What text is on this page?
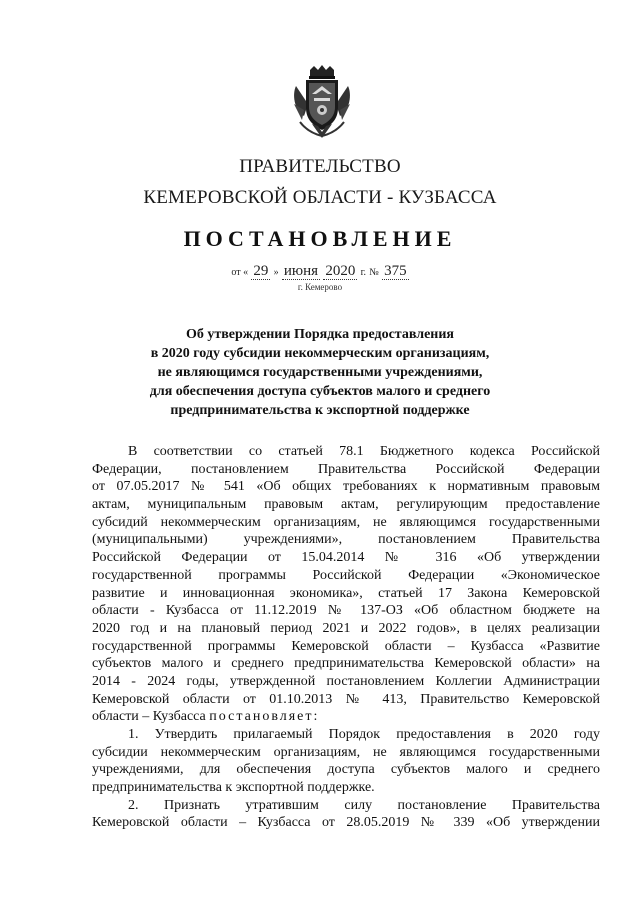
ПРАВИТЕЛЬСТВО
КЕМЕРОВСКОЙ ОБЛАСТИ - КУЗБАССА
ПОСТАНОВЛЕНИЕ
от « 29 » июня 2020 г. № 375
г. Кемерово
Об утверждении Порядка предоставления
в 2020 году субсидии некоммерческим организациям,
не являющимся государственными учреждениями,
для обеспечения доступа субъектов малого и среднего
предпринимательства к экспортной поддержке
В соответствии со статьей 78.1 Бюджетного кодекса Российской
Федерации, постановлением Правительства Российской Федерации
от 07.05.2017 № 541 «Об общих требованиях к нормативным правовым
актам, муниципальным правовым актам, регулирующим предоставление
субсидий некоммерческим организациям, не являющимся государственными
(муниципальными) учреждениями», постановлением Правительства
Российской Федерации от 15.04.2014 № 316 «Об утверждении
государственной программы Российской Федерации «Экономическое
развитие и инновационная экономика», статьей 17 Закона Кемеровской
области - Кузбасса от 11.12.2019 № 137-ОЗ «Об областном бюджете на
2020 год и на плановый период 2021 и 2022 годов», в целях реализации
государственной программы Кемеровской области – Кузбасса «Развитие
субъектов малого и среднего предпринимательства Кемеровской области» на
2014 - 2024 годы, утвержденной постановлением Коллегии Администрации
Кемеровской области от 01.10.2013 № 413, Правительство Кемеровской
области – Кузбасса постановляет:
1. Утвердить прилагаемый Порядок предоставления в 2020 году
субсидии некоммерческим организациям, не являющимся государственными
учреждениями, для обеспечения доступа субъектов малого и среднего
предпринимательства к экспортной поддержке.
2. Признать утратившим силу постановление Правительства
Кемеровской области – Кузбасса от 28.05.2019 № 339 «Об утверждении
